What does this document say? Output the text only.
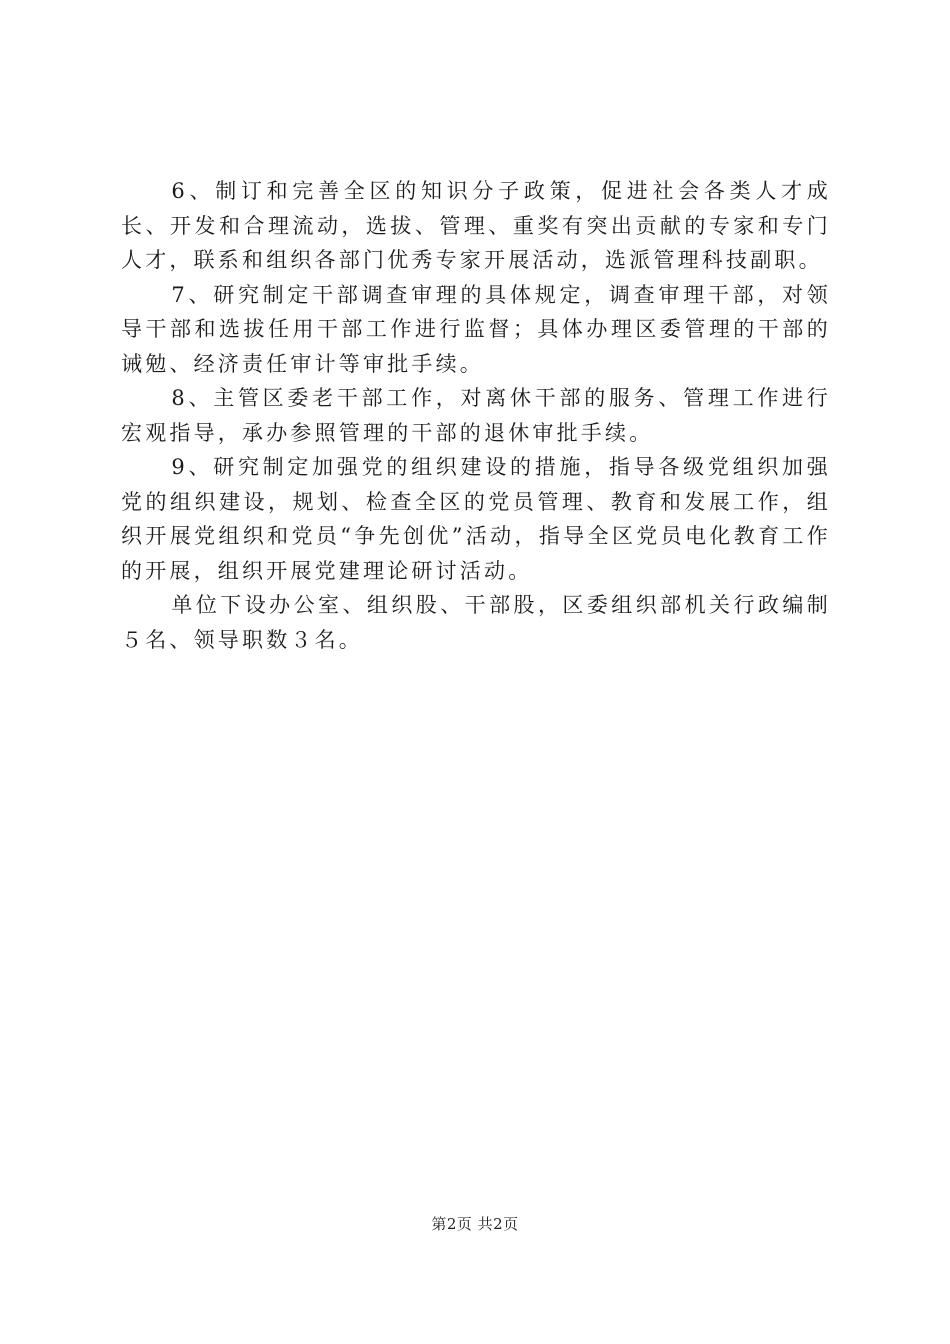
6、制订和完善全区的知识分子政策，促进社会各类人才成长、开发和合理流动，选拔、管理、重奖有突出贡献的专家和专门人才，联系和组织各部门优秀专家开展活动，选派管理科技副职。

7、研究制定干部调查审理的具体规定，调查审理干部，对领导干部和选拔任用干部工作进行监督；具体办理区委管理的干部的诫勉、经济责任审计等审批手续。

8、主管区委老干部工作，对离休干部的服务、管理工作进行宏观指导，承办参照管理的干部的退休审批手续。

9、研究制定加强党的组织建设的措施，指导各级党组织加强党的组织建设，规划、检查全区的党员管理、教育和发展工作，组织开展党组织和党员“争先创优”活动，指导全区党员电化教育工作的开展，组织开展党建理论研讨活动。

单位下设办公室、组织股、干部股，区委组织部机关行政编制５名、领导职数３名。

第2页 共2页
